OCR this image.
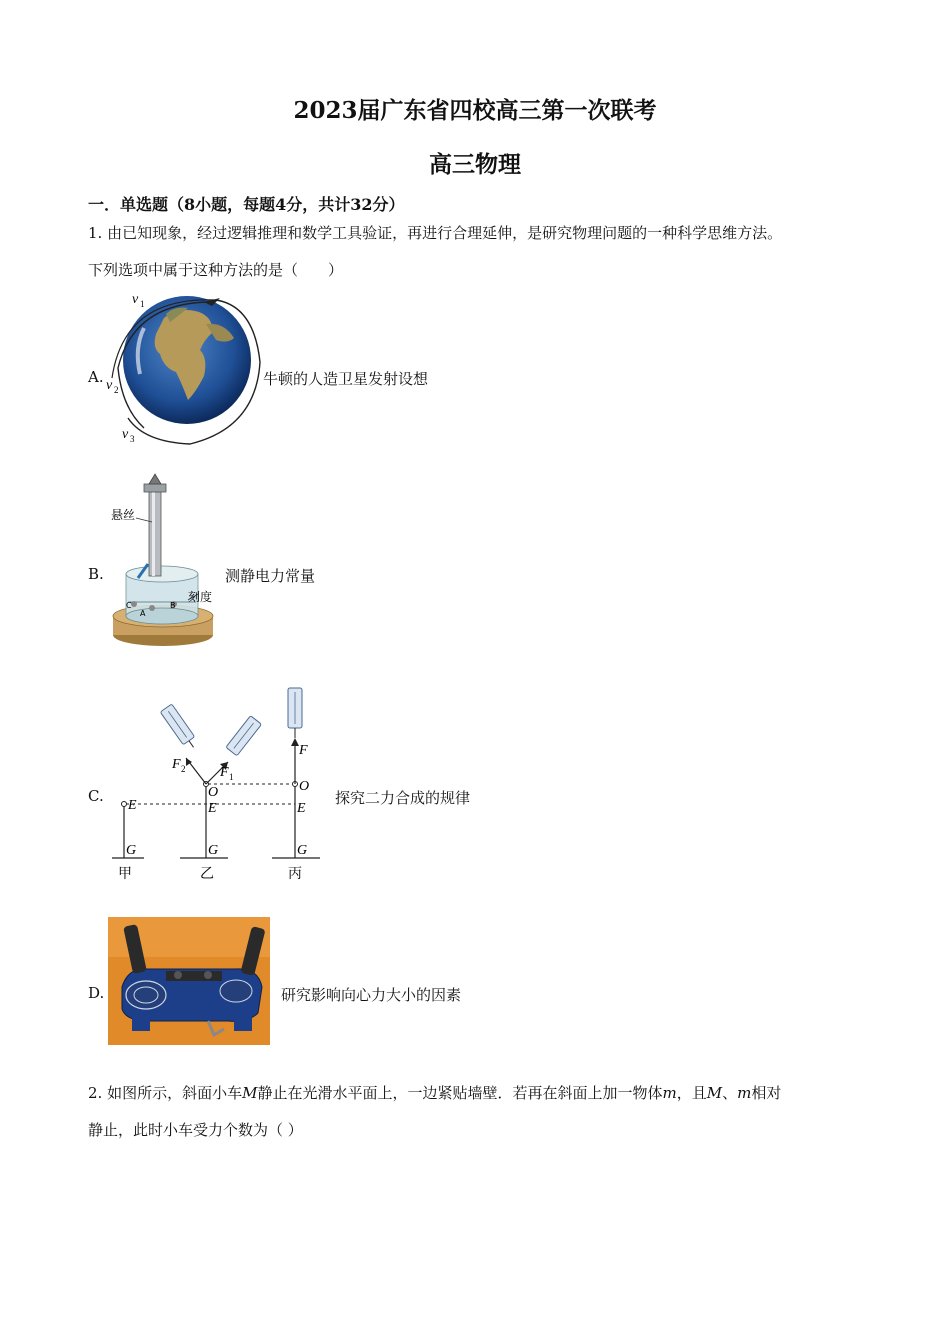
2023届广东省四校高三第一次联考
高三物理
一．单选题（8小题，每题4分，共计32分）
1. 由已知现象，经过逻辑推理和数学工具验证，再进行合理延伸，是研究物理问题的一种科学思维方法。
下列选项中属于这种方法的是（　　）
A.
v 1
v 2
v 3
牛顿的人造卫星发射设想
B.
悬丝
刻度
C
A
B
测静电力常量
C.
E
G
O
E
G
F 2 F 1
F
O
E
G
甲	乙	丙
探究二力合成的规律
D.	研究影响向心力大小的因素
2. 如图所示，斜面小车M静止在光滑水平面上，一边紧贴墙壁．若再在斜面上加一物体m，且M、m相对
静止，此时小车受力个数为（ ）
